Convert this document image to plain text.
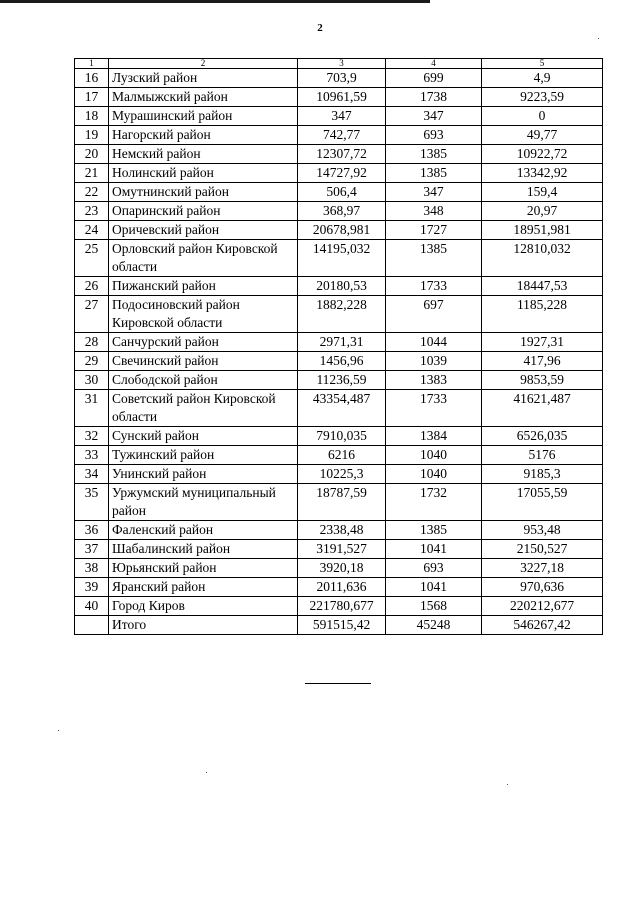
2
1	2	3	4	5
16	Лузский район	703,9	699	4,9
17	Малмыжский район	10961,59	1738	9223,59
18	Мурашинский район	347	347	0
19	Нагорский район	742,77	693	49,77
20	Немский район	12307,72	1385	10922,72
21	Нолинский район	14727,92	1385	13342,92
22	Омутнинский район	506,4	347	159,4
23	Опаринский район	368,97	348	20,97
24	Оричевский район	20678,981	1727	18951,981
25	Орловский район Кировской области	14195,032	1385	12810,032
26	Пижанский район	20180,53	1733	18447,53
27	Подосиновский район Кировской области	1882,228	697	1185,228
28	Санчурский район	2971,31	1044	1927,31
29	Свечинский район	1456,96	1039	417,96
30	Слободской район	11236,59	1383	9853,59
31	Советский район Кировской области	43354,487	1733	41621,487
32	Сунский район	7910,035	1384	6526,035
33	Тужинский район	6216	1040	5176
34	Унинский район	10225,3	1040	9185,3
35	Уржумский муниципальный район	18787,59	1732	17055,59
36	Фаленский район	2338,48	1385	953,48
37	Шабалинский район	3191,527	1041	2150,527
38	Юрьянский район	3920,18	693	3227,18
39	Яранский район	2011,636	1041	970,636
40	Город Киров	221780,677	1568	220212,677
	Итого	591515,42	45248	546267,42
